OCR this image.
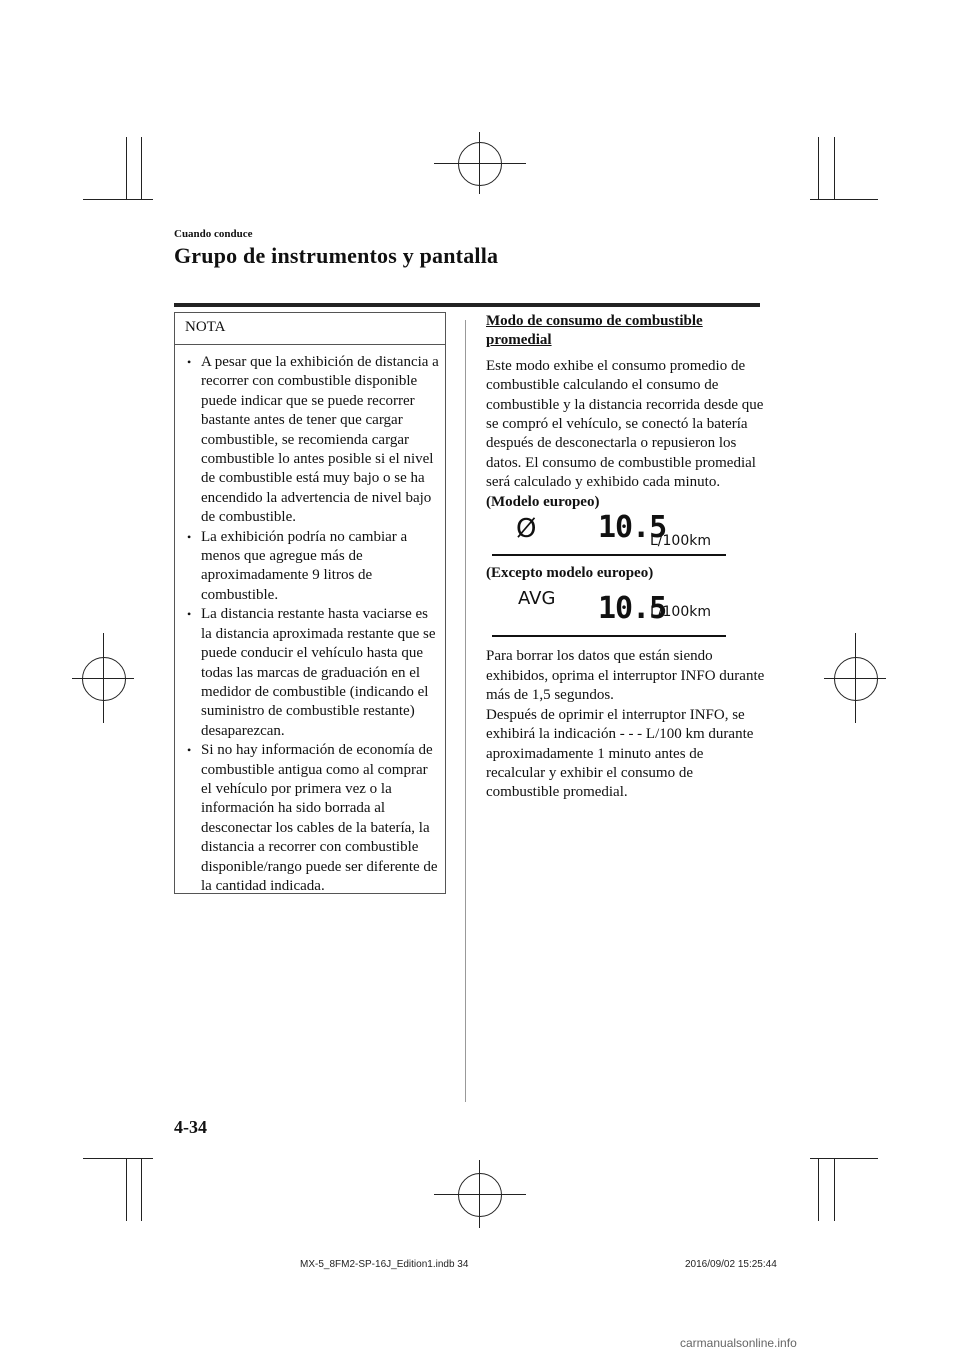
Cuando conduce
Grupo de instrumentos y pantalla
NOTA
• A pesar que la exhibición de distancia a recorrer con combustible disponible puede indicar que se puede recorrer bastante antes de tener que cargar combustible, se recomienda cargar combustible lo antes posible si el nivel de combustible está muy bajo o se ha encendido la advertencia de nivel bajo de combustible.
• La exhibición podría no cambiar a menos que agregue más de aproximadamente 9 litros de combustible.
• La distancia restante hasta vaciarse es la distancia aproximada restante que se puede conducir el vehículo hasta que todas las marcas de graduación en el medidor de combustible (indicando el suministro de combustible restante) desaparezcan.
• Si no hay información de economía de combustible antigua como al comprar el vehículo por primera vez o la información ha sido borrada al desconectar los cables de la batería, la distancia a recorrer con combustible disponible/rango puede ser diferente de la cantidad indicada.

Modo de consumo de combustible promedial

Este modo exhibe el consumo promedio de combustible calculando el consumo de combustible y la distancia recorrida desde que se compró el vehículo, se conectó la batería después de desconectarla o repusieron los datos. El consumo de combustible promedial será calculado y exhibido cada minuto.

(Modelo europeo)

Ø 10.5
L/100km

(Excepto modelo europeo)

AVG 10.5
L/100km

Para borrar los datos que están siendo exhibidos, oprima el interruptor INFO durante más de 1,5 segundos.

Después de oprimir el interruptor INFO, se exhibirá la indicación - - - L/100 km durante aproximadamente 1 minuto antes de recalcular y exhibir el consumo de combustible promedial.

4-34
MX-5_8FM2-SP-16J_Edition1.indb 34	2016/09/02 15:25:44
carmanualsonline.info
